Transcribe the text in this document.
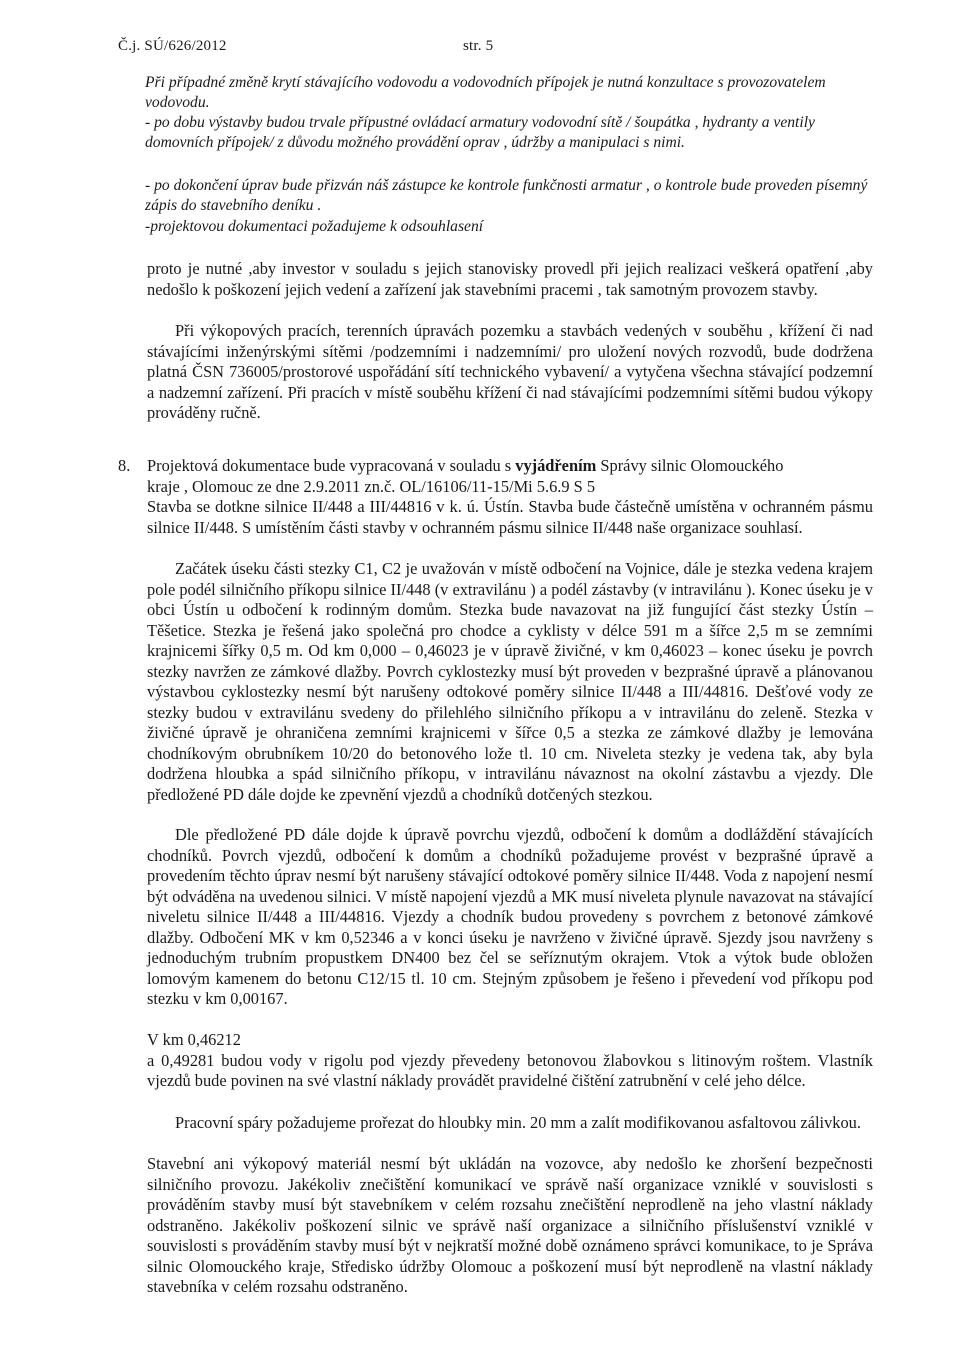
Č.j. SÚ/626/2012	str. 5
Při případné změně krytí stávajícího vodovodu a vodovodních přípojek je nutná konzultace s provozovatelem vodovodu.
- po dobu výstavby budou trvale přípustné ovládací armatury vodovodní sítě / šoupátka , hydranty a ventily domovních přípojek/ z důvodu možného provádění oprav , údržby a manipulaci s nimi.
- po dokončení úprav bude přizván náš zástupce ke kontrole funkčnosti armatur , o kontrole bude proveden písemný zápis do stavebního deníku .
-projektovou dokumentaci požadujeme k odsouhlasení
proto je nutné ,aby investor v souladu s jejich stanovisky provedl při jejich realizaci veškerá opatření ,aby nedošlo k poškození jejich vedení a zařízení jak stavebními pracemi , tak samotným provozem stavby.
Při výkopových pracích, terenních úpravách pozemku a stavbách vedených v souběhu , křížení či nad stávajícími inženýrskými sítěmi /podzemními i nadzemními/ pro uložení nových rozvodů, bude dodržena platná ČSN 736005/prostorové uspořádání sítí technického vybavení/ a vytyčena všechna stávající podzemní a nadzemní zařízení. Při pracích v místě souběhu křížení či nad stávajícími podzemními sítěmi budou výkopy prováděny ručně.
8. Projektová dokumentace bude vypracovaná v souladu s vyjádřením Správy silnic Olomouckého
kraje , Olomouc ze dne 2.9.2011 zn.č. OL/16106/11-15/Mi 5.6.9 S 5
Stavba se dotkne silnice II/448 a III/44816 v k. ú. Ústín. Stavba bude částečně umístěna v ochranném pásmu silnice II/448. S umístěním části stavby v ochranném pásmu silnice II/448 naše organizace souhlasí.
Začátek úseku části stezky C1, C2 je uvažován v místě odbočení na Vojnice, dále je stezka vedena krajem pole podél silničního příkopu silnice II/448 (v extravilánu ) a podél zástavby (v intravilánu ). Konec úseku je v obci Ústín u odbočení k rodinným domům. Stezka bude navazovat na již fungující část stezky Ústín – Těšetice. Stezka je řešená jako společná pro chodce a cyklisty v délce 591 m a šířce 2,5 m se zemními krajnicemi šířky 0,5 m. Od km 0,000 – 0,46023 je v úpravě živičné, v km 0,46023 – konec úseku je povrch stezky navržen ze zámkové dlažby. Povrch cyklostezky musí být proveden v bezprašné úpravě a plánovanou výstavbou cyklostezky nesmí být narušeny odtokové poměry silnice II/448 a III/44816. Dešťové vody ze stezky budou v extravilánu svedeny do přilehlého silničního příkopu a v intravilánu do zeleně. Stezka v živičné úpravě je ohraničena zemními krajnicemi v šířce 0,5 a stezka ze zámkové dlažby je lemována chodníkovým obrubníkem 10/20 do betonového lože tl. 10 cm. Niveleta stezky je vedena tak, aby byla dodržena hloubka a spád silničního příkopu, v intravilánu návaznost na okolní zástavbu a vjezdy. Dle předložené PD dále dojde ke zpevnění vjezdů a chodníků dotčených stezkou.
Dle předložené PD dále dojde k úpravě povrchu vjezdů, odbočení k domům a dodláždění stávajících chodníků. Povrch vjezdů, odbočení k domům a chodníků požadujeme provést v bezprašné úpravě a provedením těchto úprav nesmí být narušeny stávající odtokové poměry silnice II/448. Voda z napojení nesmí být odváděna na uvedenou silnici. V místě napojení vjezdů a MK musí niveleta plynule navazovat na stávající niveletu silnice II/448 a III/44816. Vjezdy a chodník budou provedeny s povrchem z betonové zámkové dlažby. Odbočení MK v km 0,52346 a v konci úseku je navrženo v živičné úpravě. Sjezdy jsou navrženy s jednoduchým trubním propustkem DN400 bez čel se seříznutým okrajem. Vtok a výtok bude obložen lomovým kamenem do betonu C12/15 tl. 10 cm. Stejným způsobem je řešeno i převedení vod příkopu pod stezku v km 0,00167.
V km 0,46212
a 0,49281 budou vody v rigolu pod vjezdy převedeny betonovou žlabovkou s litinovým roštem. Vlastník vjezdů bude povinen na své vlastní náklady provádět pravidelné čištění zatrubnění v celé jeho délce.
Pracovní spáry požadujeme prořezat do hloubky min. 20 mm a zalít modifikovanou asfaltovou zálivkou.
Stavební ani výkopový materiál nesmí být ukládán na vozovce, aby nedošlo ke zhoršení bezpečnosti silničního provozu. Jakékoliv znečištění komunikací ve správě naší organizace vzniklé v souvislosti s prováděním stavby musí být stavebníkem v celém rozsahu znečištění neprodleně na jeho vlastní náklady odstraněno. Jakékoliv poškození silnic ve správě naší organizace a silničního příslušenství vzniklé v souvislosti s prováděním stavby musí být v nejkratší možné době oznámeno správci komunikace, to je Správa silnic Olomouckého kraje, Středisko údržby Olomouc a poškození musí být neprodleně na vlastní náklady stavebníka v celém rozsahu odstraněno.
